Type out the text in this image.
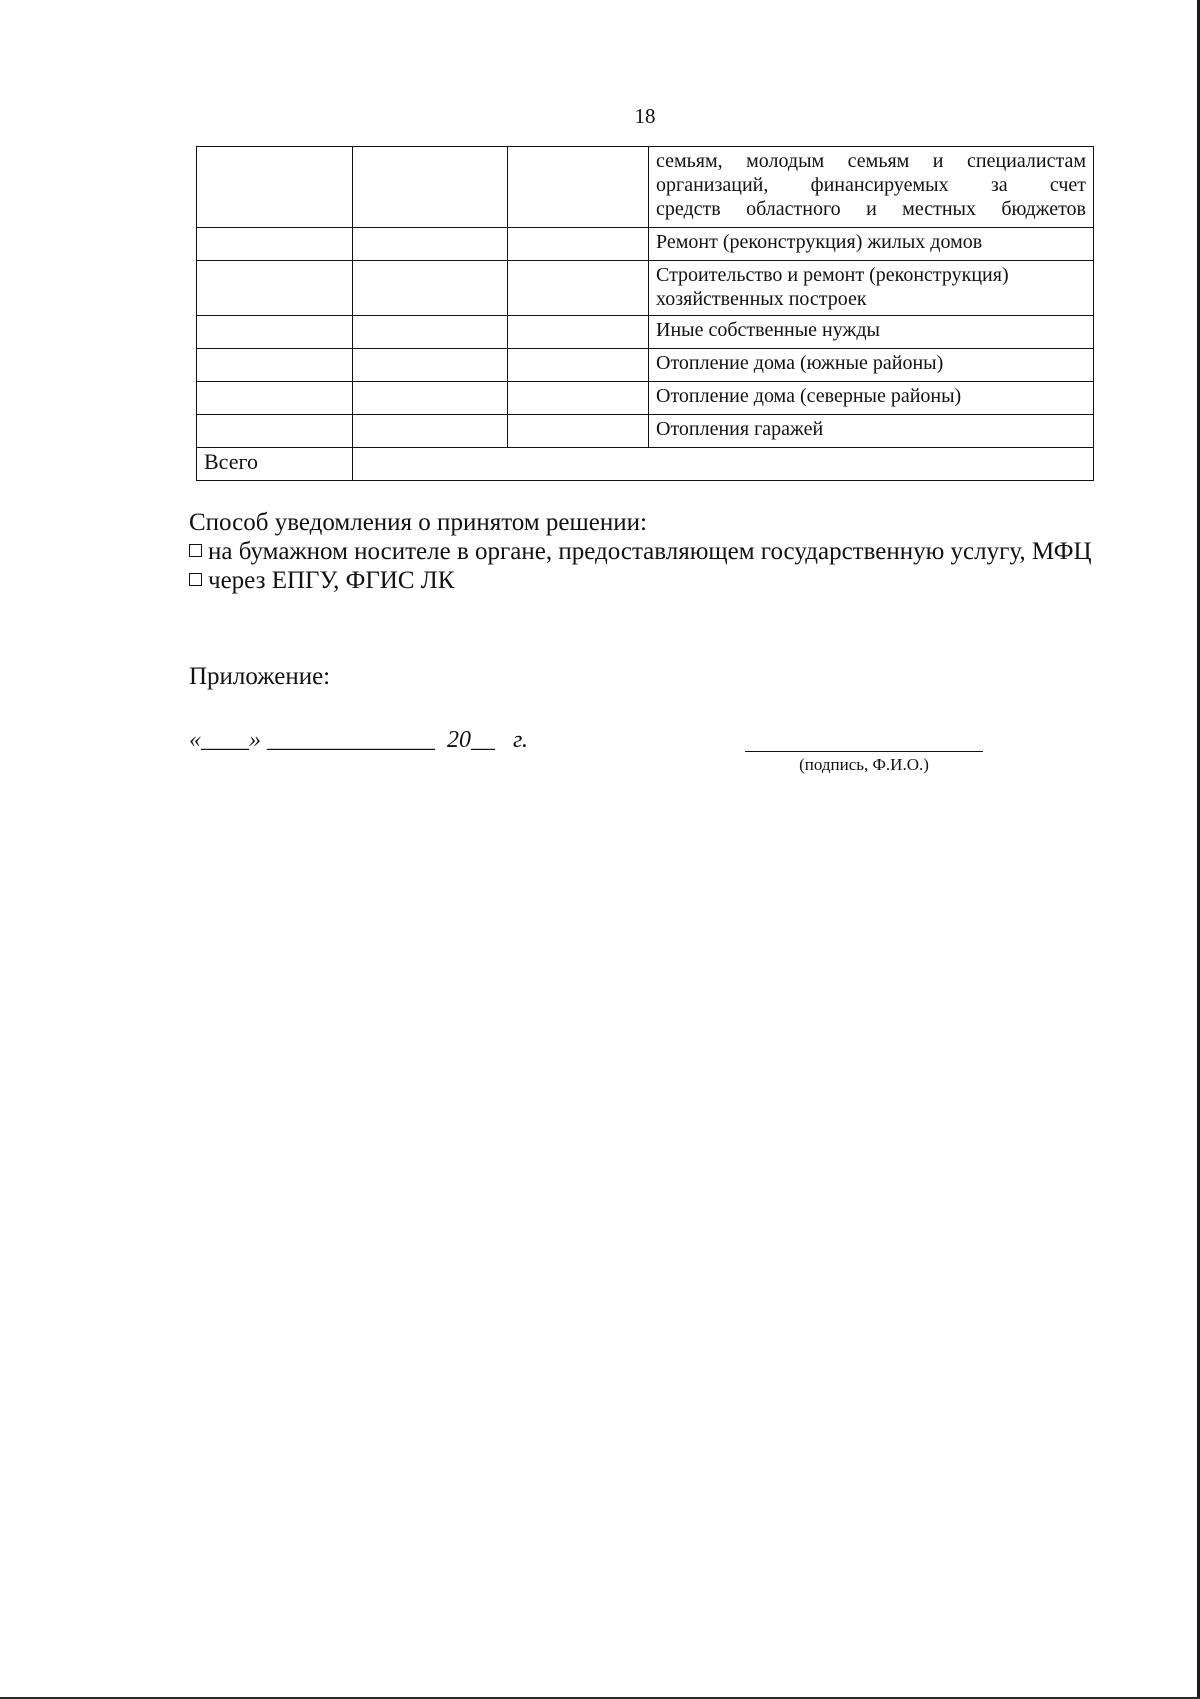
18

			семьям, молодым семьям и специалистам
организаций, финансируемых за счет
средств областного и местных бюджетов

			Ремонт (реконструкция) жилых домов
			Строительство и ремонт (реконструкция) хозяйственных построек
			Иные собственные нужды
			Отопление дома (южные районы)
			Отопление дома (северные районы)
			Отопления гаражей
Всего			

Способ уведомления о принятом решении:

на бумажном носителе в органе, предоставляющем государственную услугу, МФЦ

через ЕПГУ, ФГИС ЛК

Приложение:
«____» ______________  20__   г.
(подпись, Ф.И.О.)
